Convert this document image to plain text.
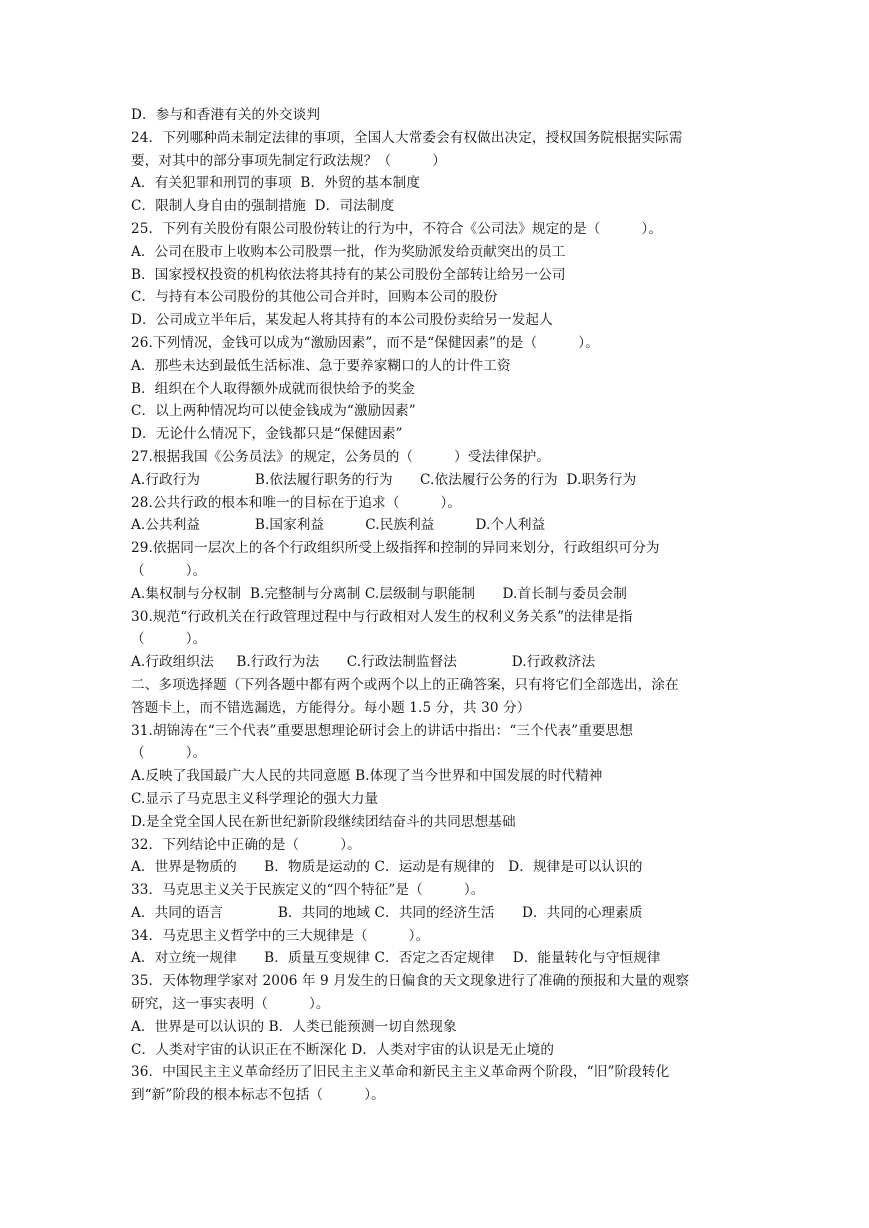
D．参与和香港有关的外交谈判
24．下列哪种尚未制定法律的事项，全国人大常委会有权做出决定，授权国务院根据实际需
要，对其中的部分事项先制定行政法规？（　　　）
A．有关犯罪和刑罚的事项  B．外贸的基本制度
C．限制人身自由的强制措施  D．司法制度
25．下列有关股份有限公司股份转让的行为中，不符合《公司法》规定的是（　　　）。
A．公司在股市上收购本公司股票一批，作为奖励派发给贡献突出的员工
B．国家授权投资的机构依法将其持有的某公司股份全部转让给另一公司
C．与持有本公司股份的其他公司合并时，回购本公司的股份
D．公司成立半年后，某发起人将其持有的本公司股份卖给另一发起人
26.下列情况，金钱可以成为“激励因素”，而不是“保健因素”的是（　　　）。
A．那些未达到最低生活标准、急于要养家糊口的人的计件工资
B．组织在个人取得额外成就而很快给予的奖金
C．以上两种情况均可以使金钱成为“激励因素”
D．无论什么情况下，金钱都只是“保健因素”
27.根据我国《公务员法》的规定，公务员的（　　　）受法律保护。
A.行政行为　　　　B.依法履行职务的行为　　C.依法履行公务的行为  D.职务行为
28.公共行政的根本和唯一的目标在于追求（　　　）。
A.公共利益　　　　B.国家利益　　　C.民族利益　　　D.个人利益
29.依据同一层次上的各个行政组织所受上级指挥和控制的异同来划分，行政组织可分为
（　　　）。
A.集权制与分权制  B.完整制与分离制 C.层级制与职能制　　D.首长制与委员会制
30.规范“行政机关在行政管理过程中与行政相对人发生的权利义务关系”的法律是指
（　　　）。
A.行政组织法　  B.行政行为法　　C.行政法制监督法　　　　D.行政救济法
二、多项选择题（下列各题中都有两个或两个以上的正确答案，只有将它们全部选出，涂在
答题卡上，而不错选漏选，方能得分。每小题 1.5 分，共 30 分）
31.胡锦涛在“三个代表”重要思想理论研讨会上的讲话中指出：“三个代表”重要思想
（　　　）。
A.反映了我国最广大人民的共同意愿 B.体现了当今世界和中国发展的时代精神
C.显示了马克思主义科学理论的强大力量
D.是全党全国人民在新世纪新阶段继续团结奋斗的共同思想基础
32．下列结论中正确的是（　　　）。
A．世界是物质的　　B．物质是运动的 C．运动是有规律的　D．规律是可以认识的
33．马克思主义关于民族定义的“四个特征”是（　　　）。
A．共同的语言　　　　B．共同的地域 C．共同的经济生活　　D．共同的心理素质
34．马克思主义哲学中的三大规律是（　　　）。
A．对立统一规律　　B．质量互变规律 C．否定之否定规律　 D．能量转化与守恒规律
35．天体物理学家对 2006 年 9 月发生的日偏食的天文现象进行了准确的预报和大量的观察
研究，这一事实表明（　　　）。
A．世界是可以认识的 B．人类已能预测一切自然现象
C．人类对宇宙的认识正在不断深化 D．人类对宇宙的认识是无止境的
36．中国民主主义革命经历了旧民主主义革命和新民主主义革命两个阶段，“旧”阶段转化
到“新”阶段的根本标志不包括（　　　）。
